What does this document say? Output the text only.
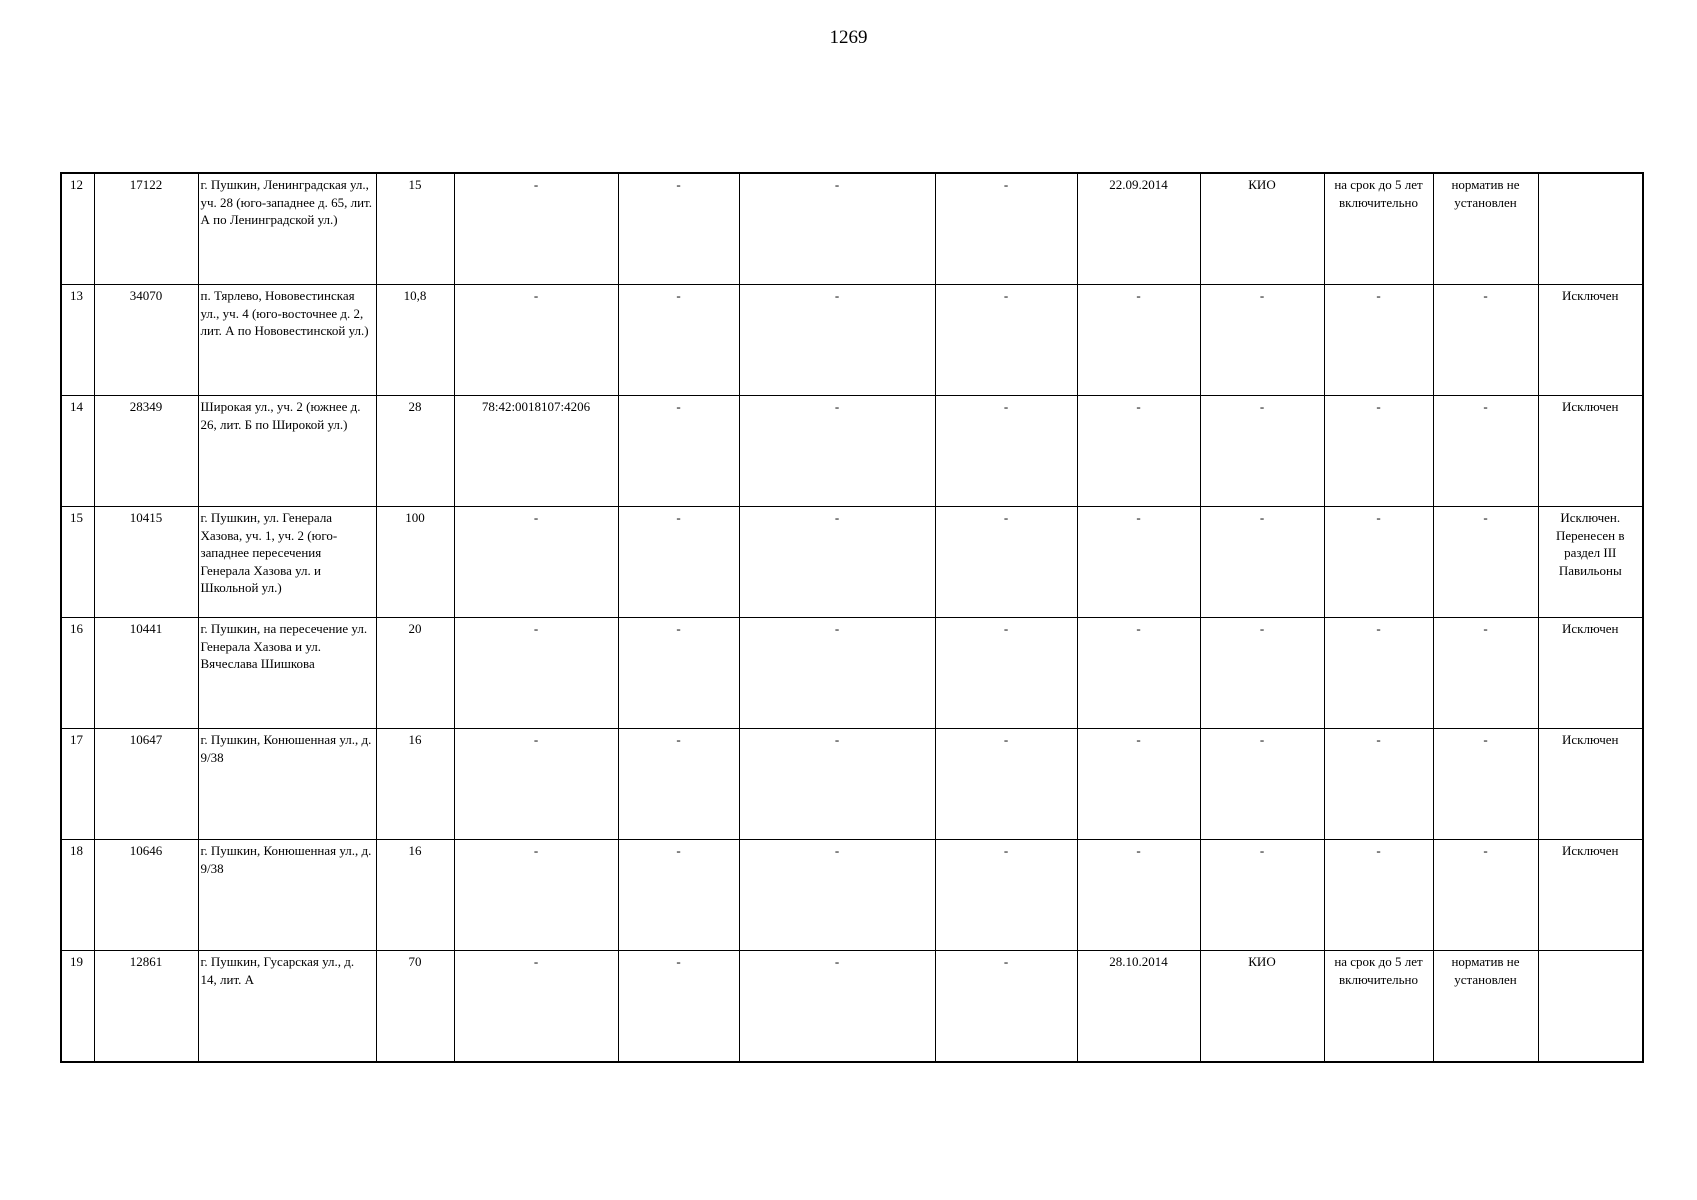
1269
12	17122	г. Пушкин, Ленинградская ул., уч. 28 (юго-западнее д. 65, лит. А по Ленинградской ул.)	15	-	-	-	-	22.09.2014	КИО	на срок до 5 лет включительно	норматив не установлен	
13	34070	п. Тярлево, Нововестинская ул., уч. 4 (юго-восточнее д. 2, лит. А по Нововестинской ул.)	10,8	-	-	-	-	-	-	-	-	Исключен
14	28349	Широкая ул., уч. 2 (южнее д. 26, лит. Б по Широкой ул.)	28	78:42:0018107:4206	-	-	-	-	-	-	-	Исключен
15	10415	г. Пушкин, ул. Генерала Хазова, уч. 1, уч. 2 (юго-западнее пересечения Генерала Хазова ул. и Школьной ул.)	100	-	-	-	-	-	-	-	-	Исключен. Перенесен в раздел III Павильоны
16	10441	г. Пушкин, на пересечение ул. Генерала Хазова и ул. Вячеслава Шишкова	20	-	-	-	-	-	-	-	-	Исключен
17	10647	г. Пушкин, Конюшенная ул., д. 9/38	16	-	-	-	-	-	-	-	-	Исключен
18	10646	г. Пушкин, Конюшенная ул., д. 9/38	16	-	-	-	-	-	-	-	-	Исключен
19	12861	г. Пушкин, Гусарская ул., д. 14, лит. А	70	-	-	-	-	28.10.2014	КИО	на срок до 5 лет включительно	норматив не установлен	
